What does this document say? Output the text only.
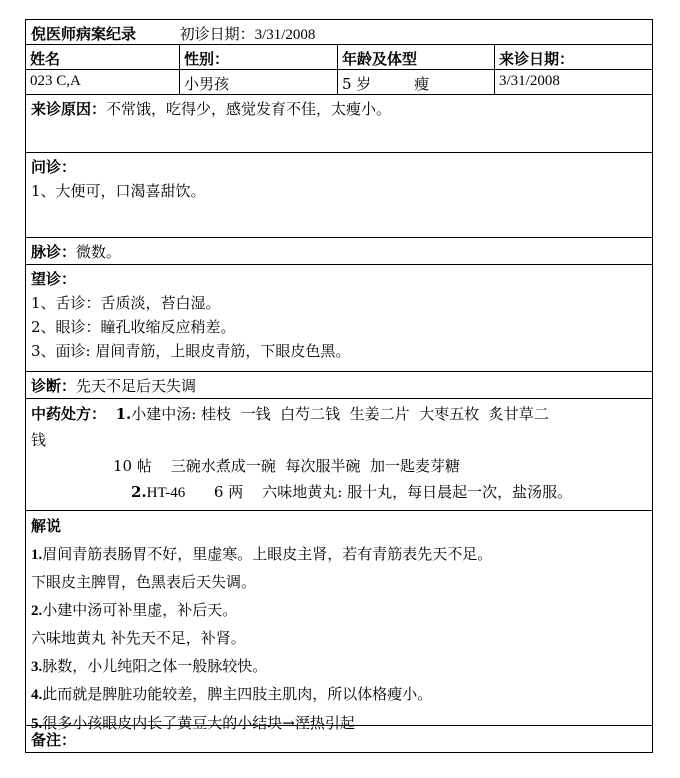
倪医师病案纪录	初诊日期：3/31/2008
姓名	性别：	年龄及体型	来诊日期：
023 C,A	小男孩	5 岁         瘦	3/31/2008
来诊原因：不常饿，吃得少，感觉发育不佳，太瘦小。
问诊：
1、大便可，口渴喜甜饮。
脉诊：微数。
望诊：
1、舌诊：舌质淡，苔白湿。
2、眼诊：瞳孔收缩反应稍差。
3、面诊: 眉间青筋，上眼皮青筋，下眼皮色黑。
诊断：先天不足后天失调
中药处方： 1.小建中汤: 桂枝  一钱  白芍二钱  生姜二片  大枣五枚  炙甘草二
钱
10 帖    三碗水煮成一碗  每次服半碗  加一匙麦芽糖
2.HT-46 6 两    六味地黄丸: 服十丸，每日晨起一次，盐汤服。
解说
1.眉间青筋表肠胃不好，里虚寒。上眼皮主肾，若有青筋表先天不足。
下眼皮主脾胃，色黑表后天失调。
2.小建中汤可补里虚，补后天。
六味地黄丸 补先天不足，补肾。
3.脉数，小儿纯阳之体一般脉较快。
4.此而就是脾脏功能较差，脾主四肢主肌肉，所以体格瘦小。
5.很多小孩眼皮内长了黄豆大的小结块→溼热引起
备注：
